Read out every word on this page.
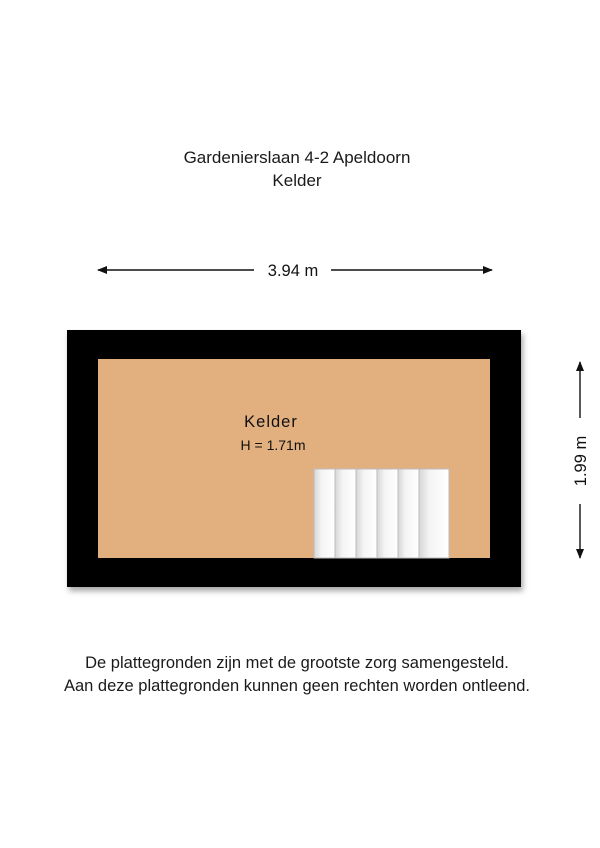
Gardenierslaan 4-2 Apeldoorn
Kelder
3.94 m
1.99 m
Kelder
H = 1.71m
De plattegronden zijn met de grootste zorg samengesteld.
Aan deze plattegronden kunnen geen rechten worden ontleend.
